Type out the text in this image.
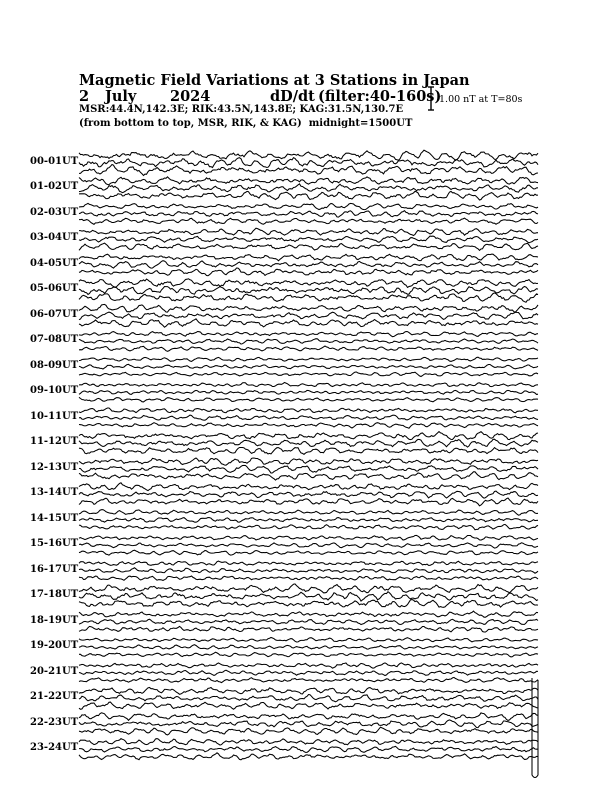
Magnetic Field Variations at 3 Stations in Japan
2 July 2024	dD/dt (filter:40-160s)
MSR:44.4N,142.3E; RIK:43.5N,143.8E; KAG:31.5N,130.7E
(from bottom to top, MSR, RIK, & KAG) midnight=1500UT
1.00 nT at T=80s
00-01UT
01-02UT
02-03UT
03-04UT
04-05UT
05-06UT
06-07UT
07-08UT
08-09UT
09-10UT
10-11UT
11-12UT
12-13UT
13-14UT
14-15UT
15-16UT
16-17UT
17-18UT
18-19UT
19-20UT
20-21UT
21-22UT
22-23UT
23-24UT
